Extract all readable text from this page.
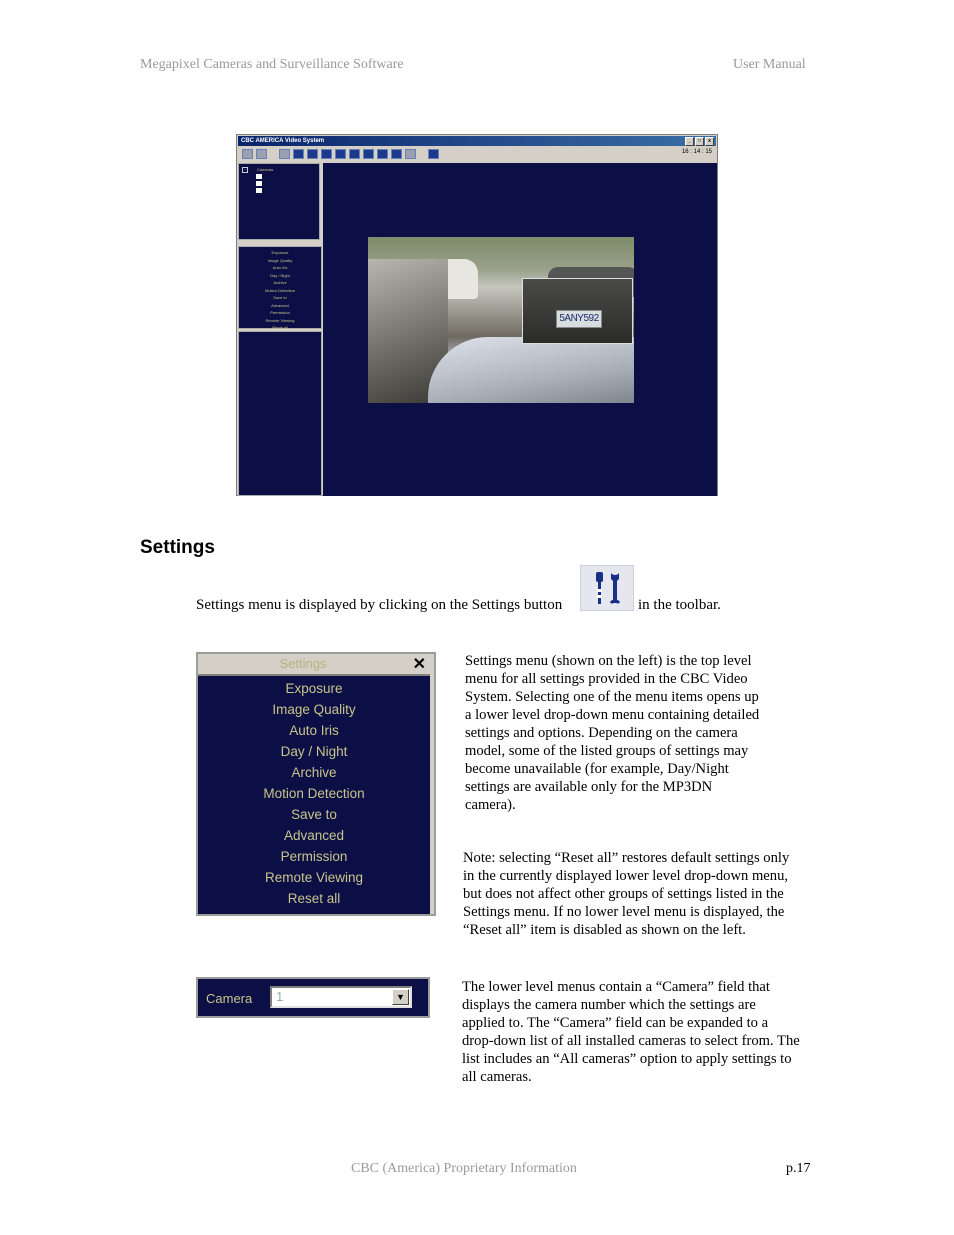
Megapixel Cameras and Surveillance Software	User Manual
CBC AMERICA Video System	_	□	x
16 : 14 : 15
-	Cameras
Exposure
Image Quality
Auto Iris
Day / Night
Archive
Motion Detection
Save to
Advanced
Permission
Remote Viewing
Reset all
5ANY592
Settings
Settings menu is displayed by clicking on the Settings button	in the toolbar.
Settings	✕
Exposure
Image Quality
Auto Iris
Day / Night
Archive
Motion Detection
Save to
Advanced
Permission
Remote Viewing
Reset all
Camera 1	▼
Settings menu (shown on the left) is the top level menu for all settings provided in the CBC Video System. Selecting one of the menu items opens up a lower level drop-down menu containing detailed settings and options. Depending on the camera model, some of the listed groups of settings may become unavailable (for example, Day/Night settings are available only for the MP3DN camera).
Note: selecting “Reset all” restores default settings only in the currently displayed lower level drop-down menu, but does not affect other groups of settings listed in the Settings menu. If no lower level menu is displayed, the “Reset all” item is disabled as shown on the left.
The lower level menus contain a “Camera” field that displays the camera number which the settings are applied to. The “Camera” field can be expanded to a drop-down list of all installed cameras to select from. The list includes an “All cameras” option to apply settings to all cameras.
CBC (America) Proprietary Information	p.17
